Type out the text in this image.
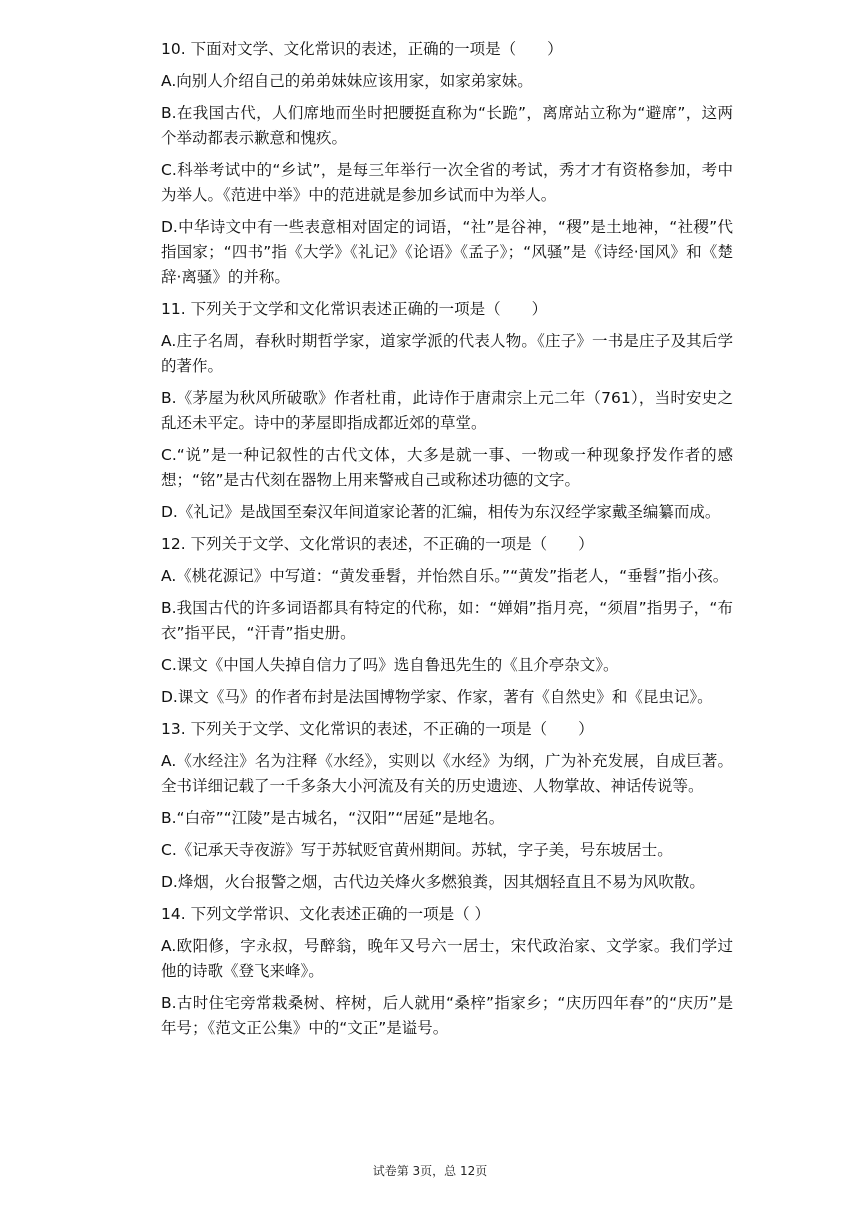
10. 下面对文学、文化常识的表述，正确的一项是（　　）

A.向别人介绍自己的弟弟妹妹应该用家，如家弟家妹。

B.在我国古代，人们席地而坐时把腰挺直称为“长跪”，离席站立称为“避席”，这两个举动都表示歉意和愧疚。

C.科举考试中的“乡试”，是每三年举行一次全省的考试，秀才才有资格参加，考中为举人。《范进中举》中的范进就是参加乡试而中为举人。

D.中华诗文中有一些表意相对固定的词语，“社”是谷神，“稷”是土地神，“社稷”代指国家；“四书”指《大学》《礼记》《论语》《孟子》；“风骚”是《诗经·国风》和《楚辞·离骚》的并称。

11. 下列关于文学和文化常识表述正确的一项是（　　）

A.庄子名周，春秋时期哲学家，道家学派的代表人物。《庄子》一书是庄子及其后学的著作。

B.《茅屋为秋风所破歌》作者杜甫，此诗作于唐肃宗上元二年（761），当时安史之乱还未平定。诗中的茅屋即指成都近郊的草堂。

C.“说”是一种记叙性的古代文体，大多是就一事、一物或一种现象抒发作者的感想；“铭”是古代刻在器物上用来警戒自己或称述功德的文字。

D.《礼记》是战国至秦汉年间道家论著的汇编，相传为东汉经学家戴圣编纂而成。

12. 下列关于文学、文化常识的表述，不正确的一项是（　　）

A.《桃花源记》中写道：“黄发垂髫，并怡然自乐。”“黄发”指老人，“垂髫”指小孩。

B.我国古代的许多词语都具有特定的代称，如：“婵娟”指月亮，“须眉”指男子，“布衣”指平民，“汗青”指史册。

C.课文《中国人失掉自信力了吗》选自鲁迅先生的《且介亭杂文》。

D.课文《马》的作者布封是法国博物学家、作家，著有《自然史》和《昆虫记》。

13. 下列关于文学、文化常识的表述，不正确的一项是（　　）

A.《水经注》名为注释《水经》，实则以《水经》为纲，广为补充发展，自成巨著。全书详细记载了一千多条大小河流及有关的历史遗迹、人物掌故、神话传说等。

B.“白帝”“江陵”是古城名，“汉阳”“居延”是地名。

C.《记承天寺夜游》写于苏轼贬官黄州期间。苏轼，字子美，号东坡居士。

D.烽烟，火台报警之烟，古代边关烽火多燃狼粪，因其烟轻直且不易为风吹散。

14. 下列文学常识、文化表述正确的一项是（ ）

A.欧阳修，字永叔，号醉翁，晚年又号六一居士，宋代政治家、文学家。我们学过他的诗歌《登飞来峰》。

B.古时住宅旁常栽桑树、梓树，后人就用“桑梓”指家乡；“庆历四年春”的“庆历”是年号；《范文正公集》中的“文正”是谥号。

试卷第 3页，总 12页
